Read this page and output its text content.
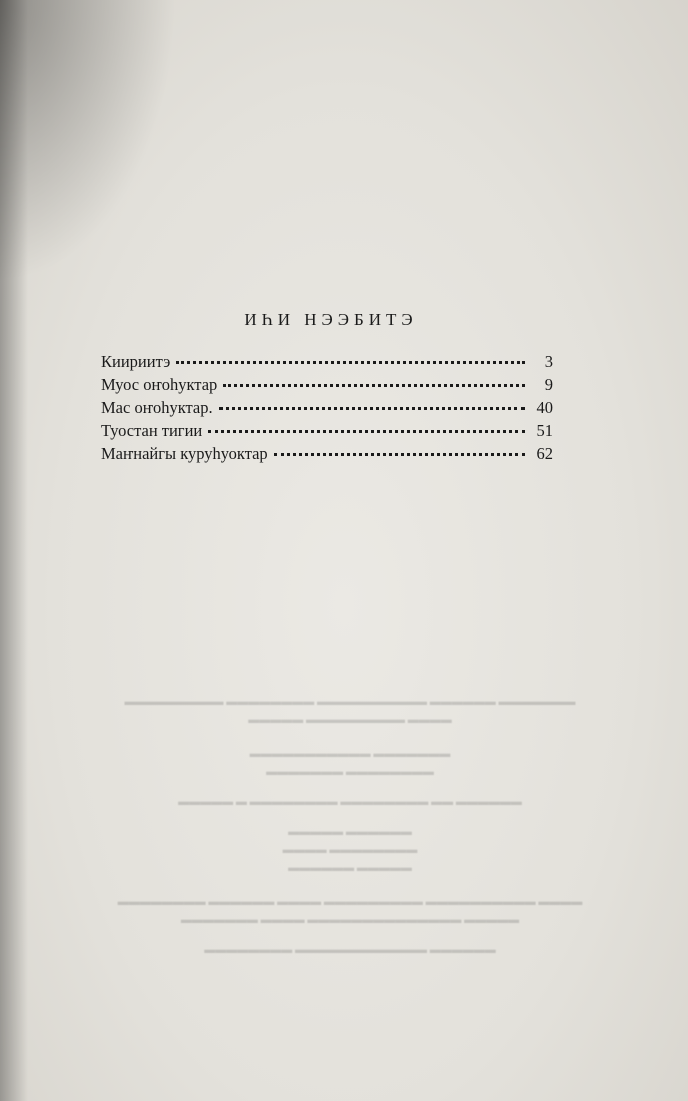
ИҺИ НЭЭБИТЭ
Киириитэ	3
Муос оҥоһуктар	9
Мас оҥоһуктар.	40
Туостан тигии	51
Маҥнайгы куруһуоктар	62
▬▬▬▬▬▬▬ ▬▬▬▬▬▬ ▬▬▬▬▬▬▬▬▬▬ ▬▬▬▬▬▬▬▬ ▬▬▬▬▬▬▬▬▬
▬▬▬▬ ▬▬▬▬▬▬▬▬▬ ▬▬▬▬▬
▬▬▬▬▬▬▬ ▬▬▬▬▬▬▬▬▬▬▬
▬▬▬▬▬▬▬▬ ▬▬▬▬▬▬▬
▬▬▬▬▬▬ ▬▬ ▬▬▬▬▬▬▬▬ ▬▬▬▬▬▬▬▬ ▬ ▬▬▬▬▬
▬▬▬▬▬▬ ▬▬▬▬▬
▬▬▬▬▬▬▬▬ ▬▬▬▬
▬▬▬▬▬ ▬▬▬▬▬▬
▬▬▬▬ ▬▬▬▬▬▬▬▬▬▬ ▬▬▬▬▬▬▬▬▬ ▬▬▬▬ ▬▬▬▬▬▬ ▬▬▬▬▬▬▬▬
▬▬▬▬▬ ▬▬▬▬▬▬▬▬▬▬▬▬▬▬ ▬▬▬▬ ▬▬▬▬▬▬▬
▬▬▬▬▬▬ ▬▬▬▬▬▬▬▬▬▬▬▬ ▬▬▬▬▬▬▬▬
